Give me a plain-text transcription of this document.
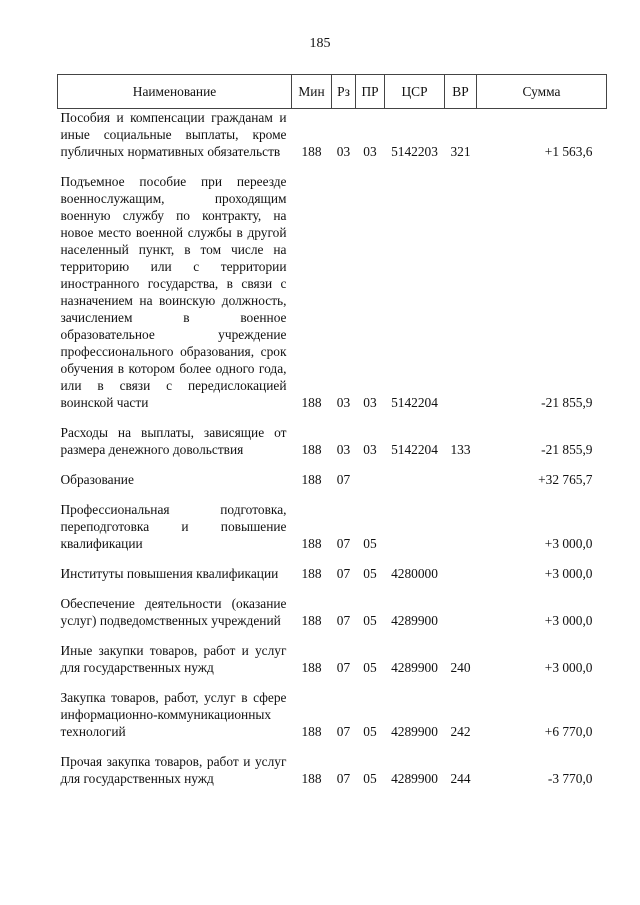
185
Наименование	Мин	Рз	ПР	ЦСР	ВР	Сумма

Пособия и компенсации гражданам и иные социальные выплаты, кроме публичных нормативных обязательств	188	03	03	5142203	321	+1 563,6

Подъемное пособие при переезде военнослужащим, проходящим военную службу по контракту, на новое место военной службы в другой населенный пункт, в том числе на территорию или с территории иностранного государства, в связи с назначением на воинскую должность, зачислением в военное образовательное учреждение профессионального образования, срок обучения в котором более одного года, или в связи с передислокацией воинской части	188	03	03	5142204		-21 855,9

Расходы на выплаты, зависящие от размера денежного довольствия	188	03	03	5142204	133	-21 855,9

Образование	188	07				+32 765,7

Профессиональная подготовка, переподготовка и повышение квалификации	188	07	05			+3 000,0

Институты повышения квалификации	188	07	05	4280000		+3 000,0

Обеспечение деятельности (оказание услуг) подведомственных учреждений	188	07	05	4289900		+3 000,0

Иные закупки товаров, работ и услуг для государственных нужд	188	07	05	4289900	240	+3 000,0

Закупка товаров, работ, услуг в сфере информационно-коммуникационных технологий	188	07	05	4289900	242	+6 770,0

Прочая закупка товаров, работ и услуг для государственных нужд	188	07	05	4289900	244	-3 770,0
